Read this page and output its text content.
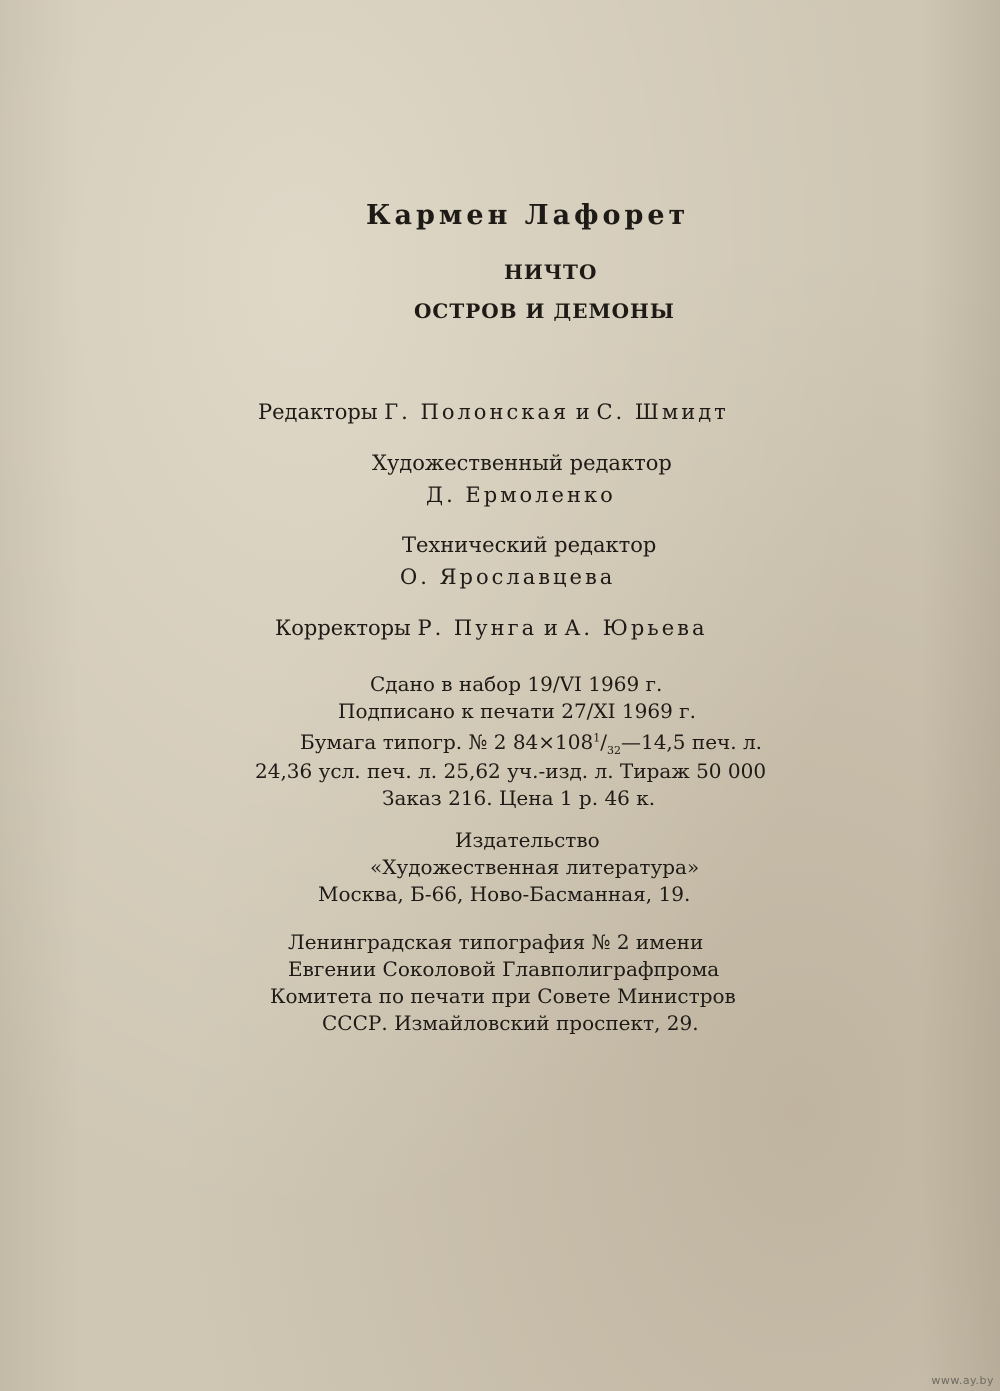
Кармен Лафорет
НИЧТО
ОСТРОВ И ДЕМОНЫ
Редакторы Г. Полонская и С. Шмидт
Художественный редактор
Д. Ермоленко
Технический редактор
О. Ярославцева
Корректоры Р. Пунга и А. Юрьева
Сдано в набор 19/VI 1969 г.
Подписано к печати 27/XI 1969 г.
Бумага типогр. № 2 $84\times 108^1/_{32}—14,5$ печ. л.
24,36 усл. печ. л. 25,62 уч.-изд. л. Тираж 50 000
Заказ 216. Цена 1 р. 46 к.
Издательство
«Художественная литература»
Москва, Б-66, Ново-Басманная, 19.
Ленинградская типография № 2 имени
Евгении Соколовой Главполиграфпрома
Комитета по печати при Совете Министров
СССР. Измайловский проспект, 29.
www.ay.by
